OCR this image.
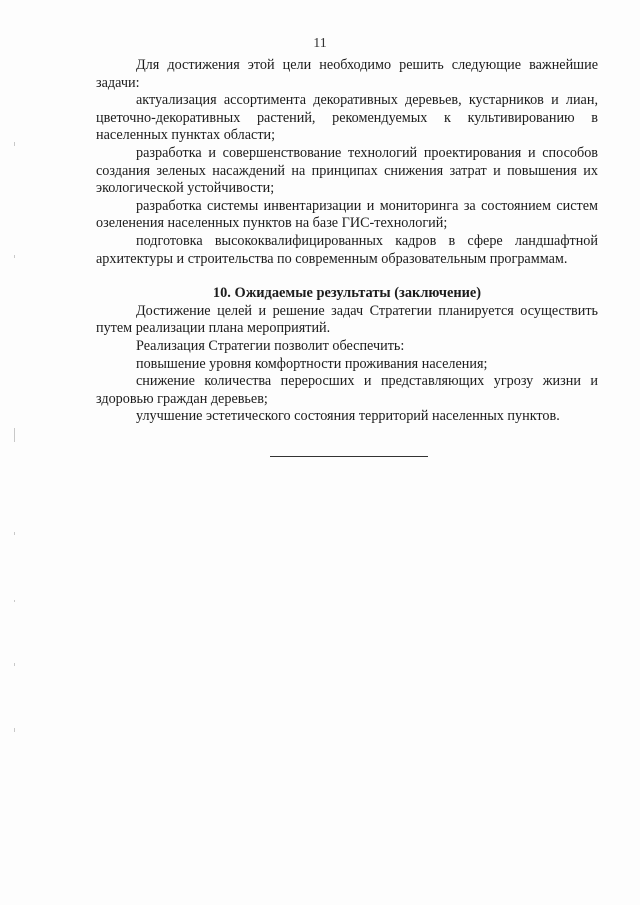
11

Для достижения этой цели необходимо решить следующие важнейшие задачи:

актуализация ассортимента декоративных деревьев, кустарников и лиан, цветочно-декоративных растений, рекомендуемых к культивированию в населенных пунктах области;

разработка и совершенствование технологий проектирования и способов создания зеленых насаждений на принципах снижения затрат и повышения их экологической устойчивости;

разработка системы инвентаризации и мониторинга за состоянием систем озеленения населенных пунктов на базе ГИС-технологий;

подготовка высококвалифицированных кадров в сфере ландшафтной архитектуры и строительства по современным образовательным программам.

10. Ожидаемые результаты (заключение)

Достижение целей и решение задач Стратегии планируется осуществить путем реализации плана мероприятий.

Реализация Стратегии позволит обеспечить:

повышение уровня комфортности проживания населения;

снижение количества переросших и представляющих угрозу жизни и здоровью граждан деревьев;

улучшение эстетического состояния территорий населенных пунктов.
